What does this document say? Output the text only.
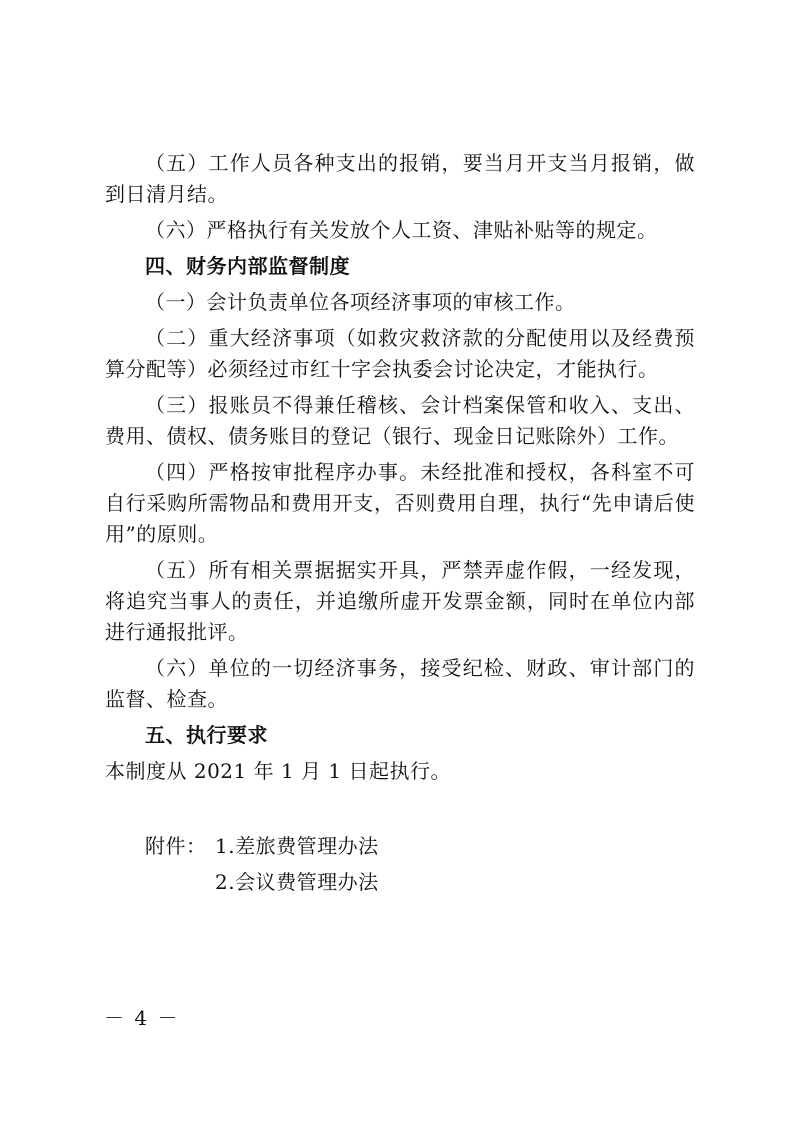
（五）工作人员各种支出的报销，要当月开支当月报销，做到日清月结。

（六）严格执行有关发放个人工资、津贴补贴等的规定。

四、财务内部监督制度

（一）会计负责单位各项经济事项的审核工作。

（二）重大经济事项（如救灾救济款的分配使用以及经费预算分配等）必须经过市红十字会执委会讨论决定，才能执行。

（三）报账员不得兼任稽核、会计档案保管和收入、支出、费用、债权、债务账目的登记（银行、现金日记账除外）工作。

（四）严格按审批程序办事。未经批准和授权，各科室不可自行采购所需物品和费用开支，否则费用自理，执行“先申请后使用”的原则。

（五）所有相关票据据实开具，严禁弄虚作假，一经发现，将追究当事人的责任，并追缴所虚开发票金额，同时在单位内部进行通报批评。

（六）单位的一切经济事务，接受纪检、财政、审计部门的监督、检查。

五、执行要求

本制度从 2021 年 1 月 1 日起执行。

附件： 1.差旅费管理办法
2.会议费管理办法
－ 4 －
